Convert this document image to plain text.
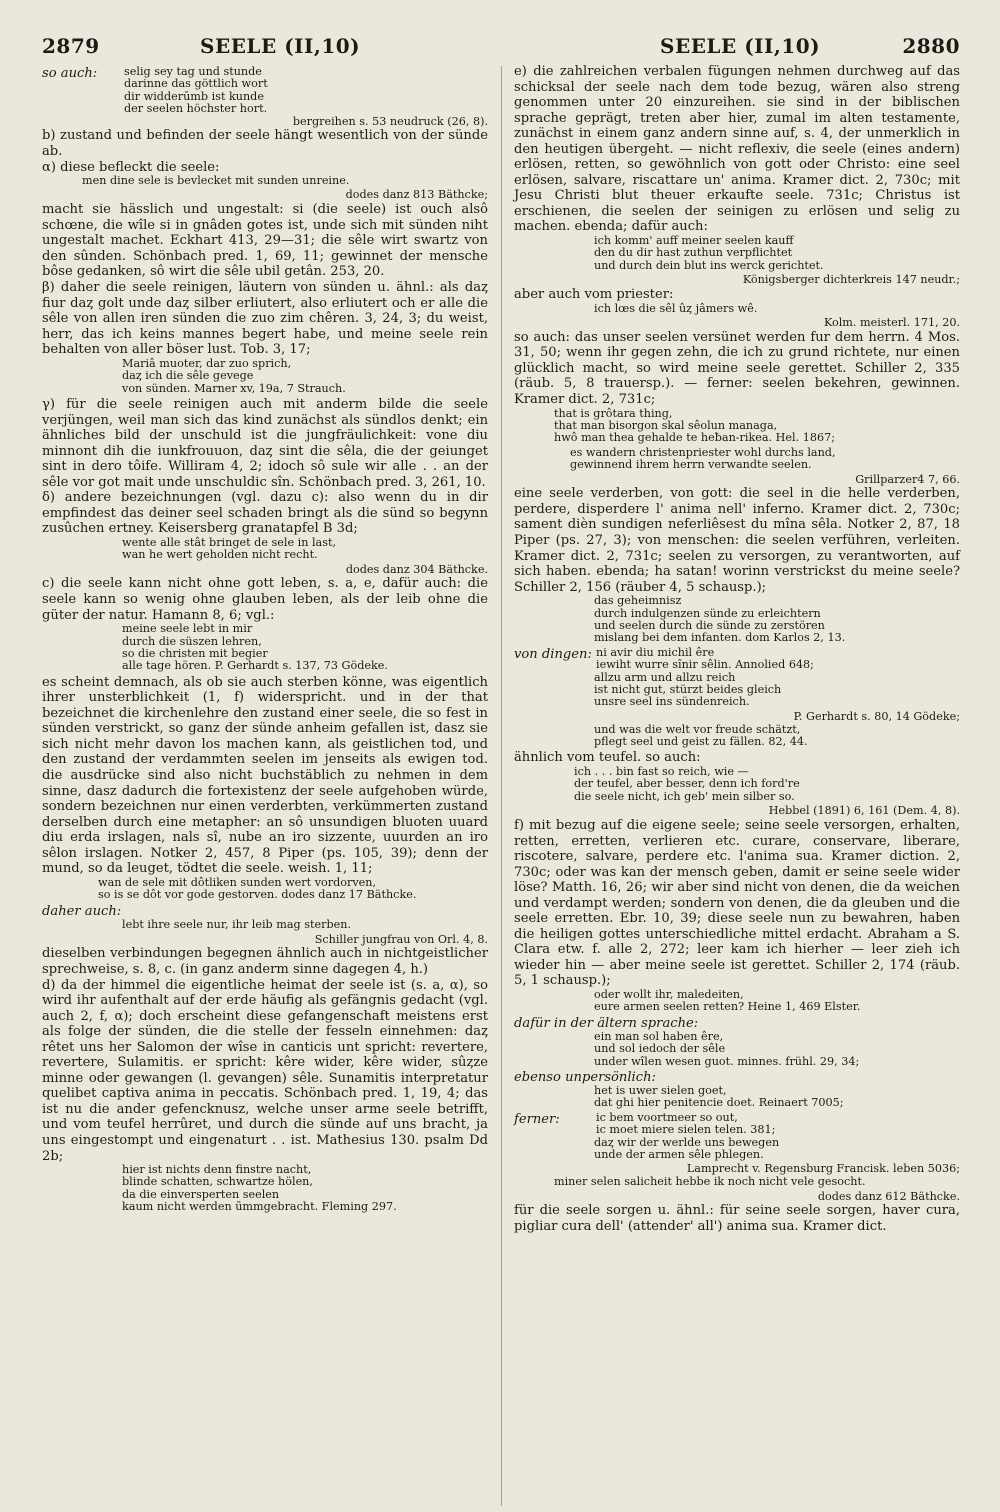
2879	SEELE (II,10)	SEELE (II,10)	2880
so auch:	selig sey tag und stunde
darinne das göttlich wort
dir widderūmb ist kunde
der seelen höchster hort.
bergreihen s. 53 neudruck (26, 8).

b) zustand und befinden der seele hängt wesentlich von der sünde ab.

α) diese befleckt die seele:

men dine sele is bevlecket mit sunden unreine.
dodes danz 813 Bäthcke;

macht sie hässlich und ungestalt: si (die seele) ist ouch alsô schœne, die wîle si in gnâden gotes ist, unde sich mit sünden niht ungestalt machet. Eckhart 413, 29—31; die sêle wirt swartz von den sûnden. Schönbach pred. 1, 69, 11; gewinnet der mensche bôse gedanken, sô wirt die sêle ubil getân. 253, 20.

β) daher die seele reinigen, läutern von sünden u. ähnl.: als daȥ fiur daȥ golt unde daȥ silber erliutert, also erliutert och er alle die sêle von allen iren sünden die zuo zim chêren. 3, 24, 3; du weist, herr, das ich keins mannes begert habe, und meine seele rein behalten von aller böser lust. Tob. 3, 17;

Mariâ muoter, dar zuo sprich,
daȥ ich die sêle gevege
von sünden. Marner xv, 19a, 7 Strauch.

γ) für die seele reinigen auch mit anderm bilde die seele verjüngen, weil man sich das kind zunächst als sündlos denkt; ein ähnliches bild der unschuld ist die jungfräulichkeit: vone diu minnont dih die iunkfrouuon, daȥ sint die sêla, die der geiunget sint in dero tôife. Williram 4, 2; idoch sô sule wir alle . . an der sêle vor got mait unde unschuldic sîn. Schönbach pred. 3, 261, 10.

δ) andere bezeichnungen (vgl. dazu c): also wenn du in dir empfindest das deiner seel schaden bringt als die sünd so begynn zusûchen ertney. Keisersberg granatapfel B 3d;

wente alle stât bringet de sele in last,
wan he wert geholden nicht recht.
dodes danz 304 Bäthcke.

c) die seele kann nicht ohne gott leben, s. a, e, dafür auch: die seele kann so wenig ohne glauben leben, als der leib ohne die güter der natur. Hamann 8, 6; vgl.:

meine seele lebt in mir
durch die süszen lehren,
so die christen mit begier
alle tage hören. P. Gerhardt s. 137, 73 Gödeke.

es scheint demnach, als ob sie auch sterben könne, was eigentlich ihrer unsterblichkeit (1, f) widerspricht. und in der that bezeichnet die kirchenlehre den zustand einer seele, die so fest in sünden verstrickt, so ganz der sünde anheim gefallen ist, dasz sie sich nicht mehr davon los machen kann, als geistlichen tod, und den zustand der verdammten seelen im jenseits als ewigen tod. die ausdrücke sind also nicht buchstäblich zu nehmen in dem sinne, dasz dadurch die fortexistenz der seele aufgehoben würde, sondern bezeichnen nur einen verderbten, verkümmerten zustand derselben durch eine metapher: an sô unsundigen bluoten uuard diu erda irslagen, nals sî, nube an iro sizzente, uuurden an iro sêlon irslagen. Notker 2, 457, 8 Piper (ps. 105, 39); denn der mund, so da leuget, tödtet die seele. weish. 1, 11;

wan de sele mit dôtliken sunden wert vordorven,
so is se dôt vor gode gestorven. dodes danz 17 Bäthcke.

daher auch:

lebt ihre seele nur, ihr leib mag sterben.
Schiller jungfrau von Orl. 4, 8.

dieselben verbindungen begegnen ähnlich auch in nichtgeistlicher sprechweise, s. 8, c. (in ganz anderm sinne dagegen 4, h.)

d) da der himmel die eigentliche heimat der seele ist (s. a, α), so wird ihr aufenthalt auf der erde häufig als gefängnis gedacht (vgl. auch 2, f, α); doch erscheint diese gefangenschaft meistens erst als folge der sünden, die die stelle der fesseln einnehmen: daȥ rêtet uns her Salomon der wîse in canticis unt spricht: revertere, revertere, Sulamitis. er spricht: kêre wider, kêre wider, sûȥze minne oder gewangen (l. gevangen) sêle. Sunamitis interpretatur quelibet captiva anima in peccatis. Schönbach pred. 1, 19, 4; das ist nu die ander gefencknusz, welche unser arme seele betrifft, und vom teufel herrûret, und durch die sünde auf uns bracht, ja uns eingestompt und eingenaturt . . ist. Mathesius 130. psalm Dd 2b;

hier ist nichts denn finstre nacht,
blinde schatten, schwartze hölen,
da die einversperten seelen
kaum nicht werden ūmmgebracht. Fleming 297.

e) die zahlreichen verbalen fügungen nehmen durchweg auf das schicksal der seele nach dem tode bezug, wären also streng genommen unter 20 einzureihen. sie sind in der biblischen sprache geprägt, treten aber hier, zumal im alten testamente, zunächst in einem ganz andern sinne auf, s. 4, der unmerklich in den heutigen übergeht. — nicht reflexiv, die seele (eines andern) erlösen, retten, so gewöhnlich von gott oder Christo: eine seel erlösen, salvare, riscattare un' anima. Kramer dict. 2, 730c; mit Jesu Christi blut theuer erkaufte seele. 731c; Christus ist erschienen, die seelen der seinigen zu erlösen und selig zu machen. ebenda; dafür auch:

ich komm' auff meiner seelen kauff
den du dir hast zuthun verpflichtet
und durch dein blut ins werck gerichtet.
Königsberger dichterkreis 147 neudr.;

aber auch vom priester:

ich lœs die sêl ûȥ jâmers wê.
Kolm. meisterl. 171, 20.

so auch: das unser seelen versünet werden fur dem herrn. 4 Mos. 31, 50; wenn ihr gegen zehn, die ich zu grund richtete, nur einen glücklich macht, so wird meine seele gerettet. Schiller 2, 335 (räub. 5, 8 trauersp.). — ferner: seelen bekehren, gewinnen. Kramer dict. 2, 731c;

that is grôtara thing,
that man bisorgon skal sêolun managa,
hwô man thea gehalde te heƀan-rikea. Hel. 1867;
es wandern christenpriester wohl durchs land,
gewinnend ihrem herrn verwandte seelen.
Grillparzer4 7, 66.

eine seele verderben, von gott: die seel in die helle verderben, perdere, disperdere l' anima nell' inferno. Kramer dict. 2, 730c; sament dièn sundigen neferliêsest du mîna sêla. Notker 2, 87, 18 Piper (ps. 27, 3); von menschen: die seelen verführen, verleiten. Kramer dict. 2, 731c; seelen zu versorgen, zu verantworten, auf sich haben. ebenda; ha satan! worinn verstrickst du meine seele? Schiller 2, 156 (räuber 4, 5 schausp.);

das geheimnisz
durch indulgenzen sünde zu erleichtern
und seelen durch die sünde zu zerstören
mislang bei dem infanten. dom Karlos 2, 13.
von dingen: ni avir diu michil êre
iewiht wurre sînir sêlin. Annolied 648;
allzu arm und allzu reich
ist nicht gut, stürzt beides gleich
unsre seel ins sündenreich.
P. Gerhardt s. 80, 14 Gödeke;
und was die welt vor freude schätzt,
pflegt seel und geist zu fällen. 82, 44.

ähnlich vom teufel. so auch:

ich . . . bin fast so reich, wie —
der teufel, aber besser, denn ich ford're
die seele nicht, ich geb' mein silber so.
Hebbel (1891) 6, 161 (Dem. 4, 8).

f) mit bezug auf die eigene seele; seine seele versorgen, erhalten, retten, erretten, verlieren etc. curare, conservare, liberare, riscotere, salvare, perdere etc. l'anima sua. Kramer diction. 2, 730c; oder was kan der mensch geben, damit er seine seele wider löse? Matth. 16, 26; wir aber sind nicht von denen, die da weichen und verdampt werden; sondern von denen, die da gleuben und die seele erretten. Ebr. 10, 39; diese seele nun zu bewahren, haben die heiligen gottes unterschiedliche mittel erdacht. Abraham a S. Clara etw. f. alle 2, 272; leer kam ich hierher — leer zieh ich wieder hin — aber meine seele ist gerettet. Schiller 2, 174 (räub. 5, 1 schausp.);

oder wollt ihr, maledeiten,
eure armen seelen retten? Heine 1, 469 Elster.
dafür in der ältern sprache:
ein man sol haben êre,
und sol iedoch der sêle
under wîlen wesen guot. minnes. frühl. 29, 34;
ebenso unpersönlich:
het is uwer sielen goet,
dat ghi hier penitencie doet. Reinaert 7005;
ferner:	ic bem voortmeer so out,
ic moet miere sielen telen. 381;
daȥ wir der werlde uns bewegen
unde der armen sêle phlegen.
Lamprecht v. Regensburg Francisk. leben 5036;
miner selen salicheit hebbe ik noch nicht vele gesocht.
dodes danz 612 Bäthcke.

für die seele sorgen u. ähnl.: für seine seele sorgen, haver cura, pigliar cura dell' (attender' all') anima sua. Kramer dict.
